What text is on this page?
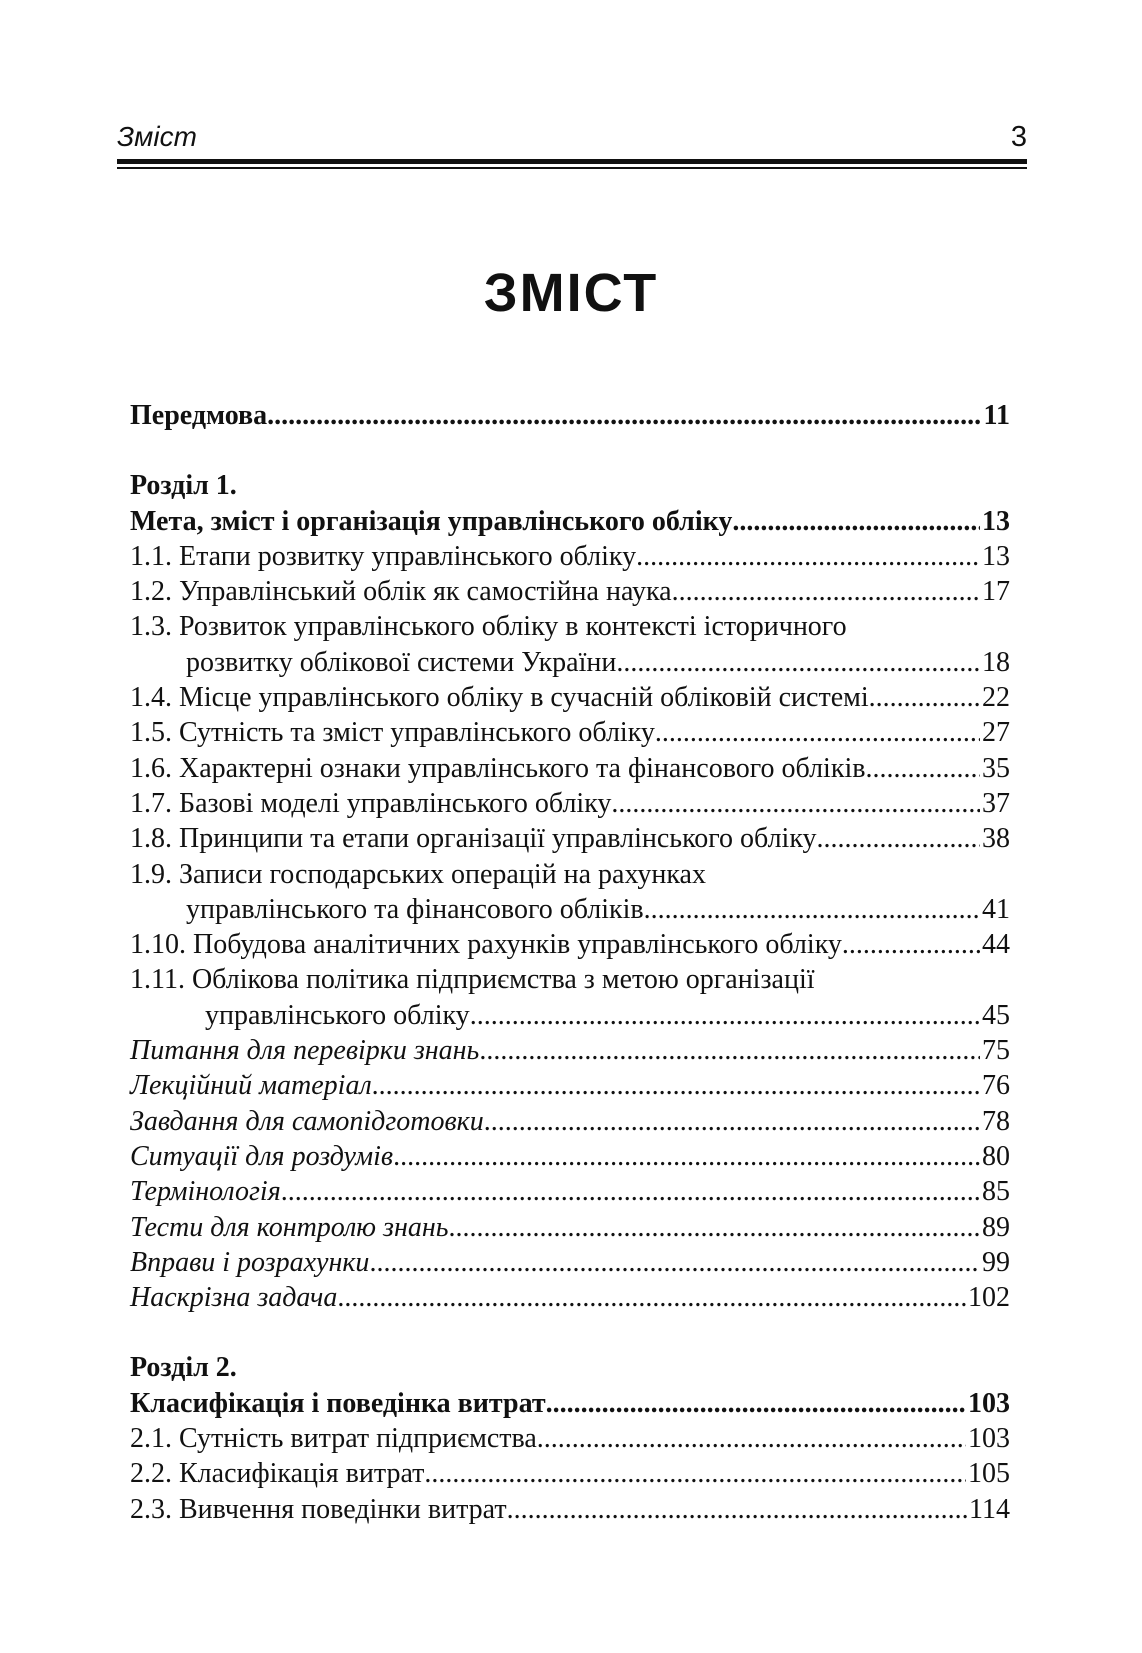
Зміст	3
ЗМІСТ
Передмова .....	11
Розділ 1.
Мета, зміст і організація управлінського обліку .....	13
1.1. Етапи розвитку управлінського обліку .....	13
1.2. Управлінський облік як самостійна наука .....	17
1.3. Розвиток управлінського обліку в контексті історичного
розвитку облікової системи України .....	18
1.4. Місце управлінського обліку в сучасній обліковій системі .....	22
1.5. Сутність та зміст управлінського обліку .....	27
1.6. Характерні ознаки управлінського та фінансового обліків .....	35
1.7. Базові моделі управлінського обліку .....	37
1.8. Принципи та етапи організації управлінського обліку .....	38
1.9. Записи господарських операцій на рахунках
управлінського та фінансового обліків .....	41
1.10. Побудова аналітичних рахунків управлінського обліку .....	44
1.11. Облікова політика підприємства з метою організації
управлінського обліку .....	45
Питання для перевірки знань .....	75
Лекційний матеріал .....	76
Завдання для самопідготовки .....	78
Ситуації для роздумів .....	80
Термінологія .....	85
Тести для контролю знань .....	89
Вправи і розрахунки .....	99
Наскрізна задача .....	102
Розділ 2.
Класифікація і поведінка витрат .....	103
2.1. Сутність витрат підприємства .....	103
2.2. Класифікація витрат .....	105
2.3. Вивчення поведінки витрат .....	114
